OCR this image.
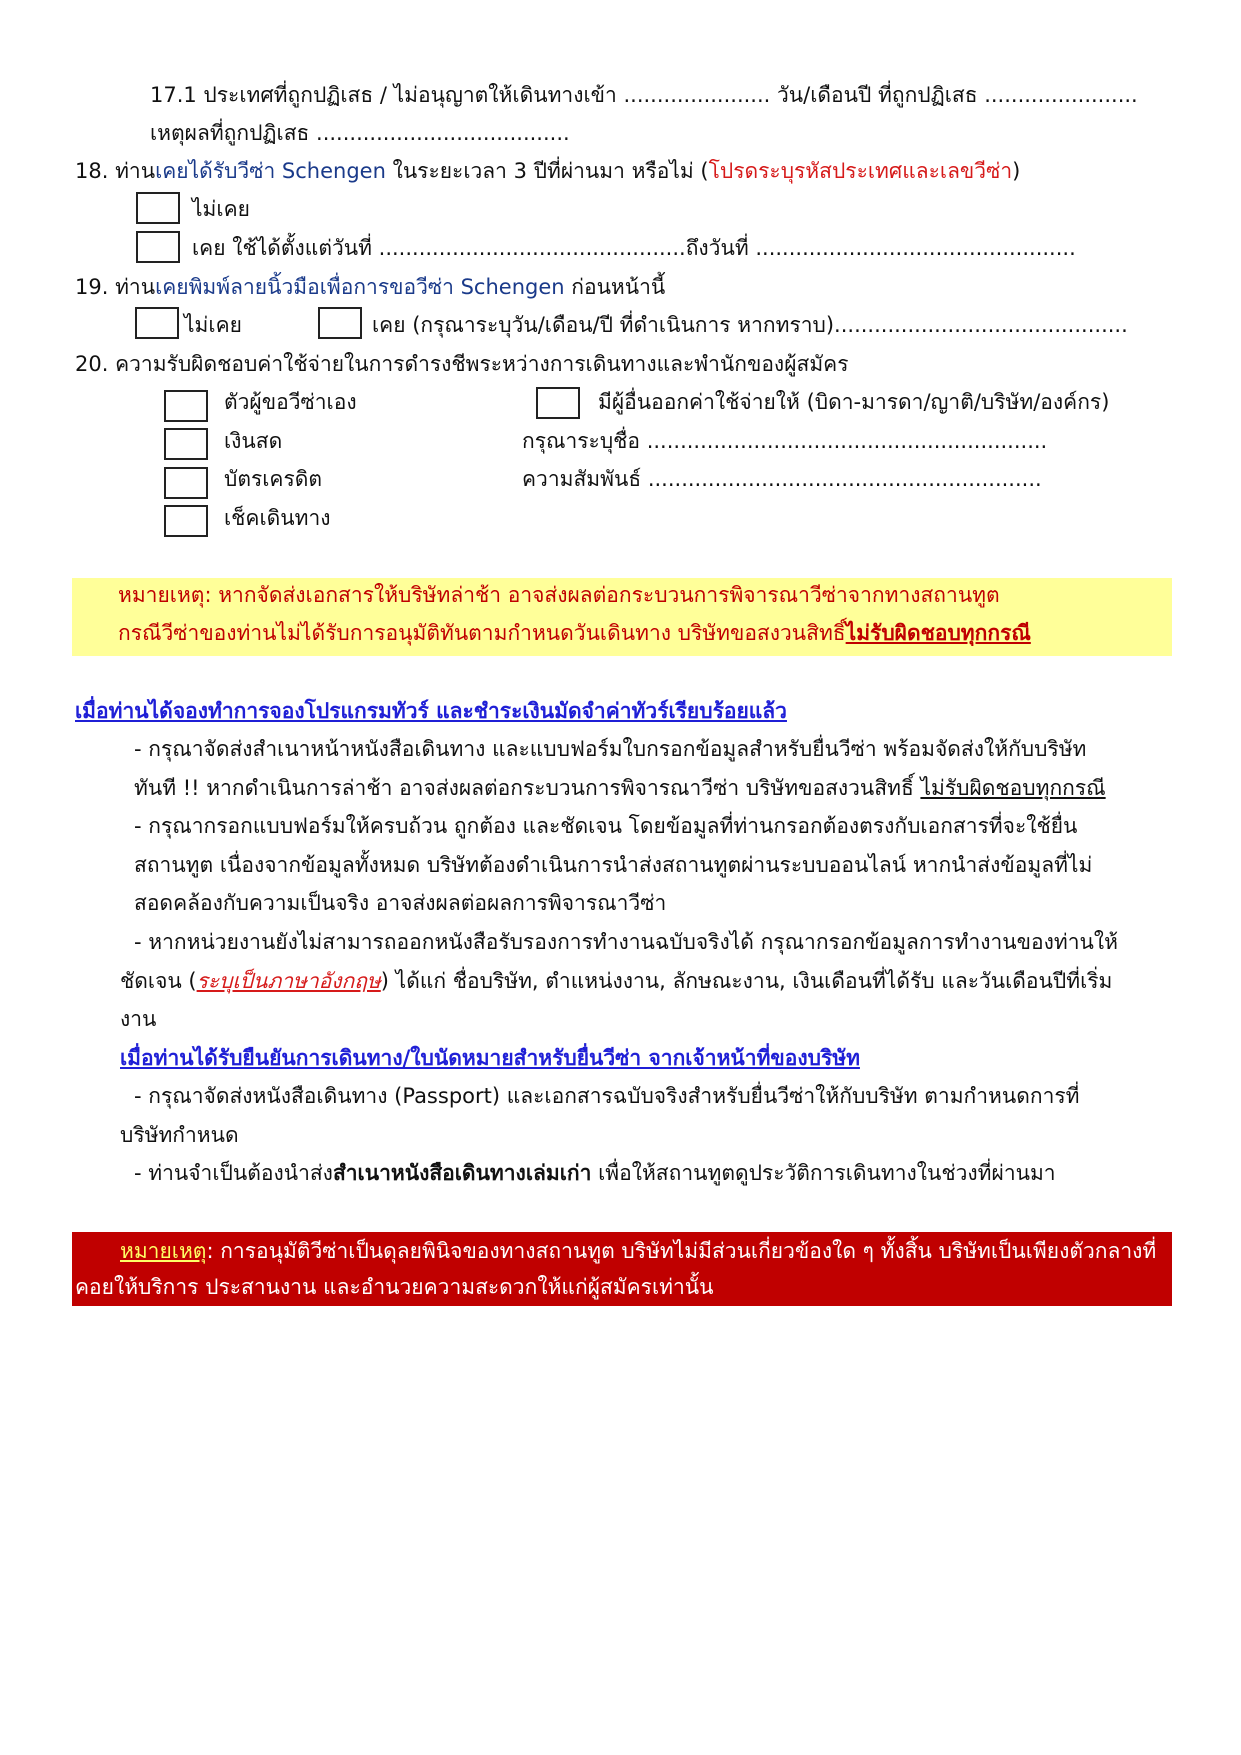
17.1 ประเทศที่ถูกปฏิเสธ / ไม่อนุญาตให้เดินทางเข้า ...................... วัน/เดือนปี ที่ถูกปฏิเสธ .......................
เหตุผลที่ถูกปฏิเสธ ......................................
18. ท่านเคยได้รับวีซ่า Schengen ในระยะเวลา 3 ปีที่ผ่านมา หรือไม่ (โปรดระบุรหัสประเทศและเลขวีซ่า)
ไม่เคย
เคย ใช้ได้ตั้งแต่วันที่ ..............................................ถึงวันที่ ................................................
19. ท่านเคยพิมพ์ลายนิ้วมือเพื่อการขอวีซ่า Schengen ก่อนหน้านี้
ไม่เคย	เคย (กรุณาระบุวัน/เดือน/ปี ที่ดำเนินการ หากทราบ)............................................
20. ความรับผิดชอบค่าใช้จ่ายในการดำรงชีพระหว่างการเดินทางและพำนักของผู้สมัคร
ตัวผู้ขอวีซ่าเอง	มีผู้อื่นออกค่าใช้จ่ายให้ (บิดา-มารดา/ญาติ/บริษัท/องค์กร)
เงินสด	กรุณาระบุชื่อ ............................................................
บัตรเครดิต	ความสัมพันธ์ ...........................................................
เช็คเดินทาง
หมายเหตุ: หากจัดส่งเอกสารให้บริษัทล่าช้า อาจส่งผลต่อกระบวนการพิจารณาวีซ่าจากทางสถานทูต
กรณีวีซ่าของท่านไม่ได้รับการอนุมัติทันตามกำหนดวันเดินทาง บริษัทขอสงวนสิทธิ์ไม่รับผิดชอบทุกกรณี
เมื่อท่านได้จองทำการจองโปรแกรมทัวร์ และชำระเงินมัดจำค่าทัวร์เรียบร้อยแล้ว
- กรุณาจัดส่งสำเนาหน้าหนังสือเดินทาง และแบบฟอร์มใบกรอกข้อมูลสำหรับยื่นวีซ่า พร้อมจัดส่งให้กับบริษัท
ทันที !! หากดำเนินการล่าช้า อาจส่งผลต่อกระบวนการพิจารณาวีซ่า บริษัทขอสงวนสิทธิ์ ไม่รับผิดชอบทุกกรณี
- กรุณากรอกแบบฟอร์มให้ครบถ้วน ถูกต้อง และชัดเจน โดยข้อมูลที่ท่านกรอกต้องตรงกับเอกสารที่จะใช้ยื่น
สถานทูต เนื่องจากข้อมูลทั้งหมด บริษัทต้องดำเนินการนำส่งสถานทูตผ่านระบบออนไลน์ หากนำส่งข้อมูลที่ไม่
สอดคล้องกับความเป็นจริง อาจส่งผลต่อผลการพิจารณาวีซ่า
- หากหน่วยงานยังไม่สามารถออกหนังสือรับรองการทำงานฉบับจริงได้ กรุณากรอกข้อมูลการทำงานของท่านให้
ชัดเจน (ระบุเป็นภาษาอังกฤษ) ได้แก่ ชื่อบริษัท, ตำแหน่งงาน, ลักษณะงาน, เงินเดือนที่ได้รับ และวันเดือนปีที่เริ่ม
งาน
เมื่อท่านได้รับยืนยันการเดินทาง/ใบนัดหมายสำหรับยื่นวีซ่า จากเจ้าหน้าที่ของบริษัท
- กรุณาจัดส่งหนังสือเดินทาง (Passport) และเอกสารฉบับจริงสำหรับยื่นวีซ่าให้กับบริษัท ตามกำหนดการที่
บริษัทกำหนด
- ท่านจำเป็นต้องนำส่งสำเนาหนังสือเดินทางเล่มเก่า เพื่อให้สถานทูตดูประวัติการเดินทางในช่วงที่ผ่านมา
หมายเหตุ: การอนุมัติวีซ่าเป็นดุลยพินิจของทางสถานทูต บริษัทไม่มีส่วนเกี่ยวข้องใด ๆ ทั้งสิ้น บริษัทเป็นเพียงตัวกลางที่
คอยให้บริการ ประสานงาน และอำนวยความสะดวกให้แก่ผู้สมัครเท่านั้น
